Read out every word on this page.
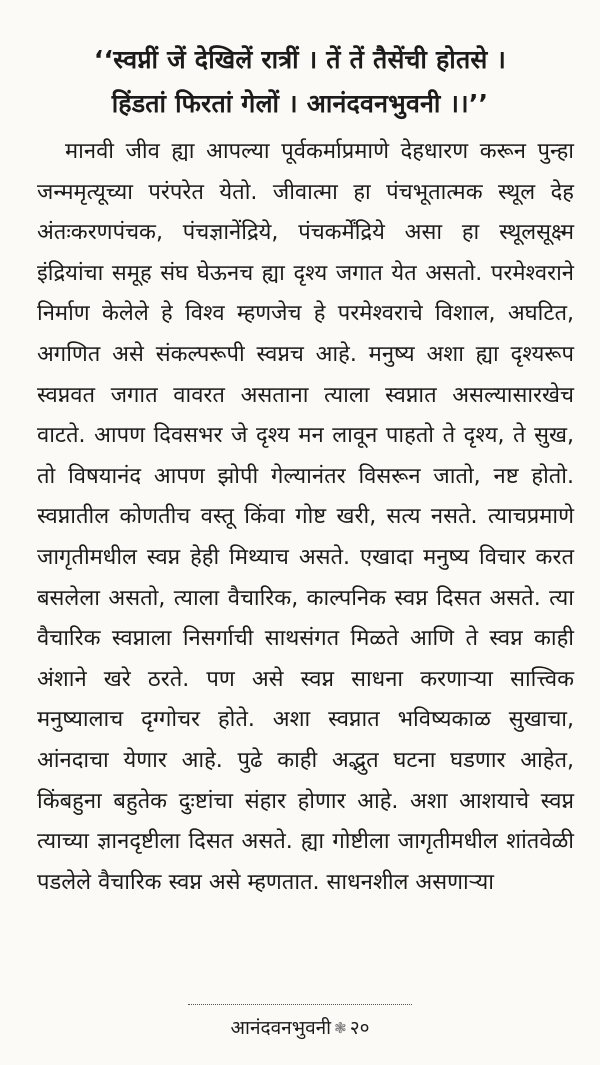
‘‘स्वप्नीं जें देखिलें रात्रीं । तें तें तैसेंची होतसे ।
हिंडतां फिरतां गेलों । आनंदवनभुवनी ।।’’

मानवी जीव ह्या आपल्या पूर्वकर्माप्रमाणे देहधारण करून पुन्हा जन्ममृत्यूच्या परंपरेत येतो. जीवात्मा हा पंचभूतात्मक स्थूल देह अंतःकरणपंचक, पंचज्ञानेंद्रिये, पंचकर्मेंद्रिये असा हा स्थूलसूक्ष्म इंद्रियांचा समूह संघ घेऊनच ह्या दृश्य जगात येत असतो. परमेश्वराने निर्माण केलेले हे विश्व म्हणजेच हे परमेश्वराचे विशाल, अघटित, अगणित असे संकल्परूपी स्वप्नच आहे. मनुष्य अशा ह्या दृश्यरूप स्वप्नवत जगात वावरत असताना त्याला स्वप्नात असल्यासारखेच वाटते. आपण दिवसभर जे दृश्य मन लावून पाहतो ते दृश्य, ते सुख, तो विषयानंद आपण झोपी गेल्यानंतर विसरून जातो, नष्ट होतो. स्वप्नातील कोणतीच वस्तू किंवा गोष्ट खरी, सत्य नसते. त्याचप्रमाणे जागृतीमधील स्वप्न हेही मिथ्याच असते. एखादा मनुष्य विचार करत बसलेला असतो, त्याला वैचारिक, काल्पनिक स्वप्न दिसत असते. त्या वैचारिक स्वप्नाला निसर्गाची साथसंगत मिळते आणि ते स्वप्न काही अंशाने खरे ठरते. पण असे स्वप्न साधना करणाऱ्या सात्त्विक मनुष्यालाच दृग्गोचर होते. अशा स्वप्नात भविष्यकाळ सुखाचा, आंनदाचा येणार आहे. पुढे काही अद्भुत घटना घडणार आहेत, किंबहुना बहुतेक दुःष्टांचा संहार होणार आहे. अशा आशयाचे स्वप्न त्याच्या ज्ञानदृष्टीला दिसत असते. ह्या गोष्टीला जागृतीमधील शांतवेळी पडलेले वैचारिक स्वप्न असे म्हणतात. साधनशील असणाऱ्या

आनंदवनभुवनी ❃ २०
